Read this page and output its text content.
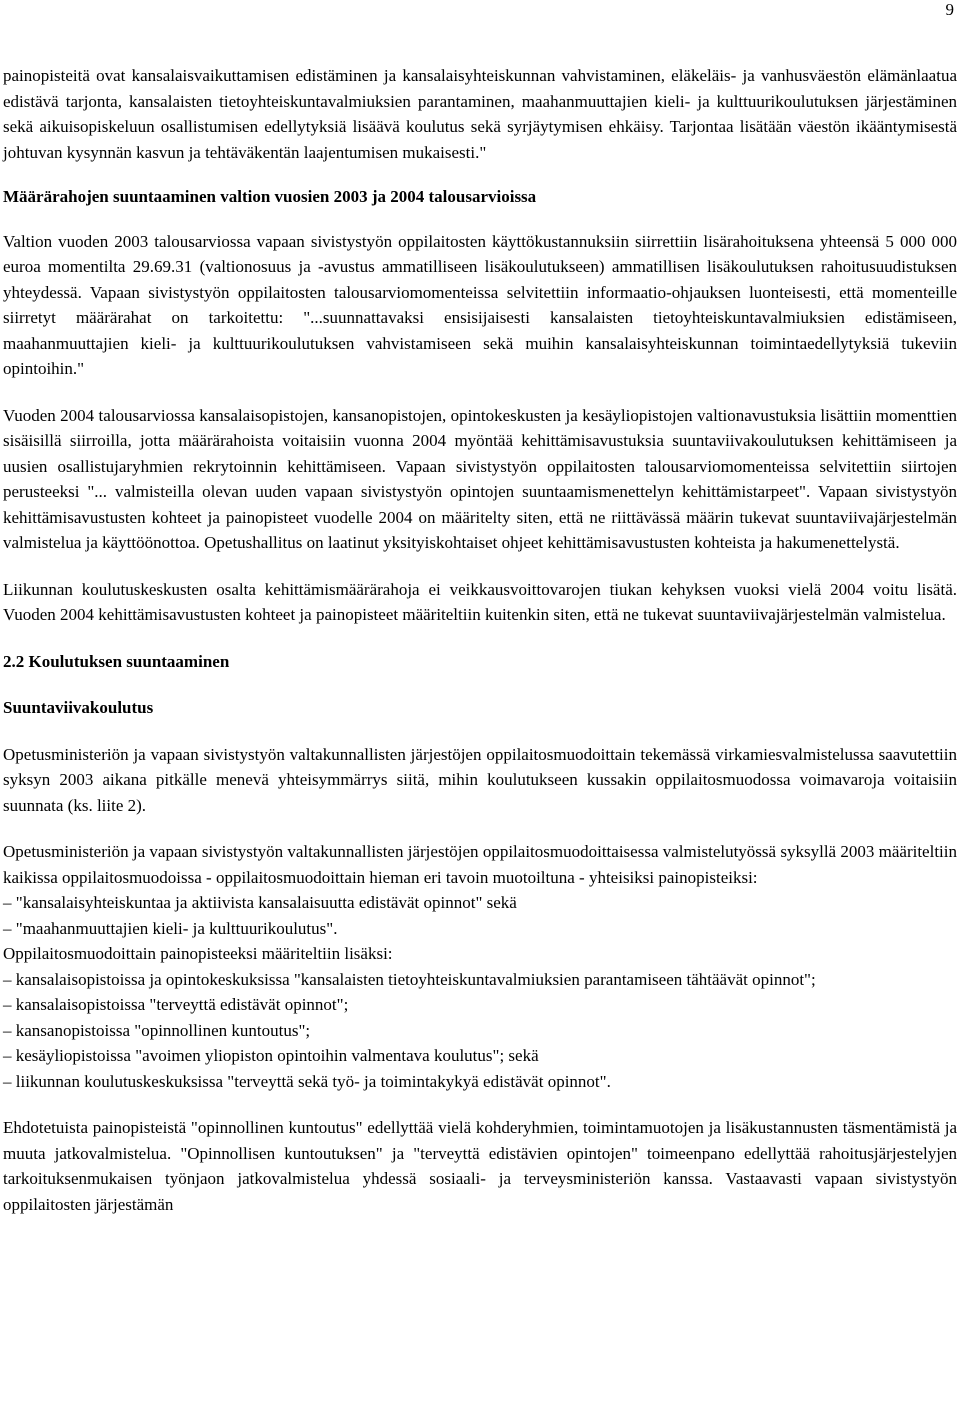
9

painopisteitä ovat kansalaisvaikuttamisen edistäminen ja kansalaisyhteiskunnan vahvistaminen, eläkeläis- ja vanhusväestön elämänlaatua edistävä tarjonta, kansalaisten tietoyhteiskuntavalmiuksien parantaminen, maahanmuuttajien kieli- ja kulttuurikoulutuksen järjestäminen sekä aikuisopiskeluun osallistumisen edellytyksiä lisäävä koulutus sekä syrjäytymisen ehkäisy. Tarjontaa lisätään väestön ikääntymisestä johtuvan kysynnän kasvun ja tehtäväkentän laajentumisen mukaisesti."

Määrärahojen suuntaaminen valtion vuosien 2003 ja 2004 talousarvioissa

Valtion vuoden 2003 talousarviossa vapaan sivistystyön oppilaitosten käyttökustannuksiin siirrettiin lisärahoituksena yhteensä 5 000 000 euroa momentilta 29.69.31 (valtionosuus ja -avustus ammatilliseen lisäkoulutukseen) ammatillisen lisäkoulutuksen rahoitusuudistuksen yhteydessä. Vapaan sivistystyön oppilaitosten talousarviomomenteissa selvitettiin informaatio-ohjauksen luonteisesti, että momenteille siirretyt määrärahat on tarkoitettu: "...suunnattavaksi ensisijaisesti kansalaisten tietoyhteiskuntavalmiuksien edistämiseen, maahanmuuttajien kieli- ja kulttuurikoulutuksen vahvistamiseen sekä muihin kansalaisyhteiskunnan toimintaedellytyksiä tukeviin opintoihin."

Vuoden 2004 talousarviossa kansalaisopistojen, kansanopistojen, opintokeskusten ja kesäyliopistojen valtionavustuksia lisättiin momenttien sisäisillä siirroilla, jotta määrärahoista voitaisiin vuonna 2004 myöntää kehittämisavustuksia suuntaviivakoulutuksen kehittämiseen ja uusien osallistujaryhmien rekrytoinnin kehittämiseen. Vapaan sivistystyön oppilaitosten talousarviomomenteissa selvitettiin siirtojen perusteeksi "... valmisteilla olevan uuden vapaan sivistystyön opintojen suuntaamismenettelyn kehittämistarpeet". Vapaan sivistystyön kehittämisavustusten kohteet ja painopisteet vuodelle 2004 on määritelty siten, että ne riittävässä määrin tukevat suuntaviivajärjestelmän valmistelua ja käyttöönottoa. Opetushallitus on laatinut yksityiskohtaiset ohjeet kehittämisavustusten kohteista ja hakumenettelystä.

Liikunnan koulutuskeskusten osalta kehittämismäärärahoja ei veikkausvoittovarojen tiukan kehyksen vuoksi vielä 2004 voitu lisätä. Vuoden 2004 kehittämisavustusten kohteet ja painopisteet määriteltiin kuitenkin siten, että ne tukevat suuntaviivajärjestelmän valmistelua.

2.2 Koulutuksen suuntaaminen

Suuntaviivakoulutus

Opetusministeriön ja vapaan sivistystyön valtakunnallisten järjestöjen oppilaitosmuodoittain tekemässä virkamiesvalmistelussa saavutettiin syksyn 2003 aikana pitkälle menevä yhteisymmärrys siitä, mihin koulutukseen kussakin oppilaitosmuodossa voimavaroja voitaisiin suunnata (ks. liite 2).

Opetusministeriön ja vapaan sivistystyön valtakunnallisten järjestöjen oppilaitosmuodoittaisessa valmistelutyössä syksyllä 2003 määriteltiin kaikissa oppilaitosmuodoissa - oppilaitosmuodoittain hieman eri tavoin muotoiltuna - yhteisiksi painopisteiksi:

– "kansalaisyhteiskuntaa ja aktiivista kansalaisuutta edistävät opinnot" sekä

– "maahanmuuttajien kieli- ja kulttuurikoulutus".

Oppilaitosmuodoittain painopisteeksi määriteltiin lisäksi:

– kansalaisopistoissa ja opintokeskuksissa "kansalaisten tietoyhteiskuntavalmiuksien parantamiseen tähtäävät opinnot";

– kansalaisopistoissa "terveyttä edistävät opinnot";

– kansanopistoissa "opinnollinen kuntoutus";

– kesäyliopistoissa "avoimen yliopiston opintoihin valmentava koulutus"; sekä

– liikunnan koulutuskeskuksissa "terveyttä sekä työ- ja toimintakykyä edistävät opinnot".

Ehdotetuista painopisteistä "opinnollinen kuntoutus" edellyttää vielä kohderyhmien, toimintamuotojen ja lisäkustannusten täsmentämistä ja muuta jatkovalmistelua. "Opinnollisen kuntoutuksen" ja "terveyttä edistävien opintojen" toimeenpano edellyttää rahoitusjärjestelyjen tarkoituksenmukaisen työnjaon jatkovalmistelua yhdessä sosiaali- ja terveysministeriön kanssa. Vastaavasti vapaan sivistystyön oppilaitosten järjestämän
